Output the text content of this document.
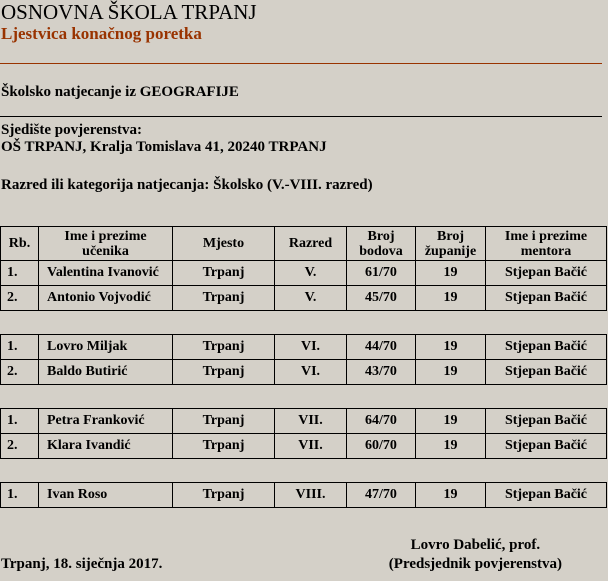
OSNOVNA ŠKOLA TRPANJ
Ljestvica konačnog poretka
Školsko natjecanje iz GEOGRAFIJE
Sjedište povjerenstva:
OŠ TRPANJ, Kralja Tomislava 41, 20240 TRPANJ
Razred ili kategorija natjecanja: Školsko (V.-VIII. razred)
Rb.	Ime i prezime učenika	Mjesto	Razred	Broj bodova	Broj županije	Ime i prezime mentora
1.	Valentina Ivanović	Trpanj	V.	61/70	19	Stjepan Bačić
2.	Antonio Vojvodić	Trpanj	V.	45/70	19	Stjepan Bačić

1.	Lovro Miljak	Trpanj	VI.	44/70	19	Stjepan Bačić
2.	Baldo Butirić	Trpanj	VI.	43/70	19	Stjepan Bačić

1.	Petra Franković	Trpanj	VII.	64/70	19	Stjepan Bačić
2.	Klara Ivandić	Trpanj	VII.	60/70	19	Stjepan Bačić

1.	Ivan Roso	Trpanj	VIII.	47/70	19	Stjepan Bačić
Lovro Dabelić, prof.
(Predsjednik povjerenstva)
Trpanj, 18. siječnja 2017.
